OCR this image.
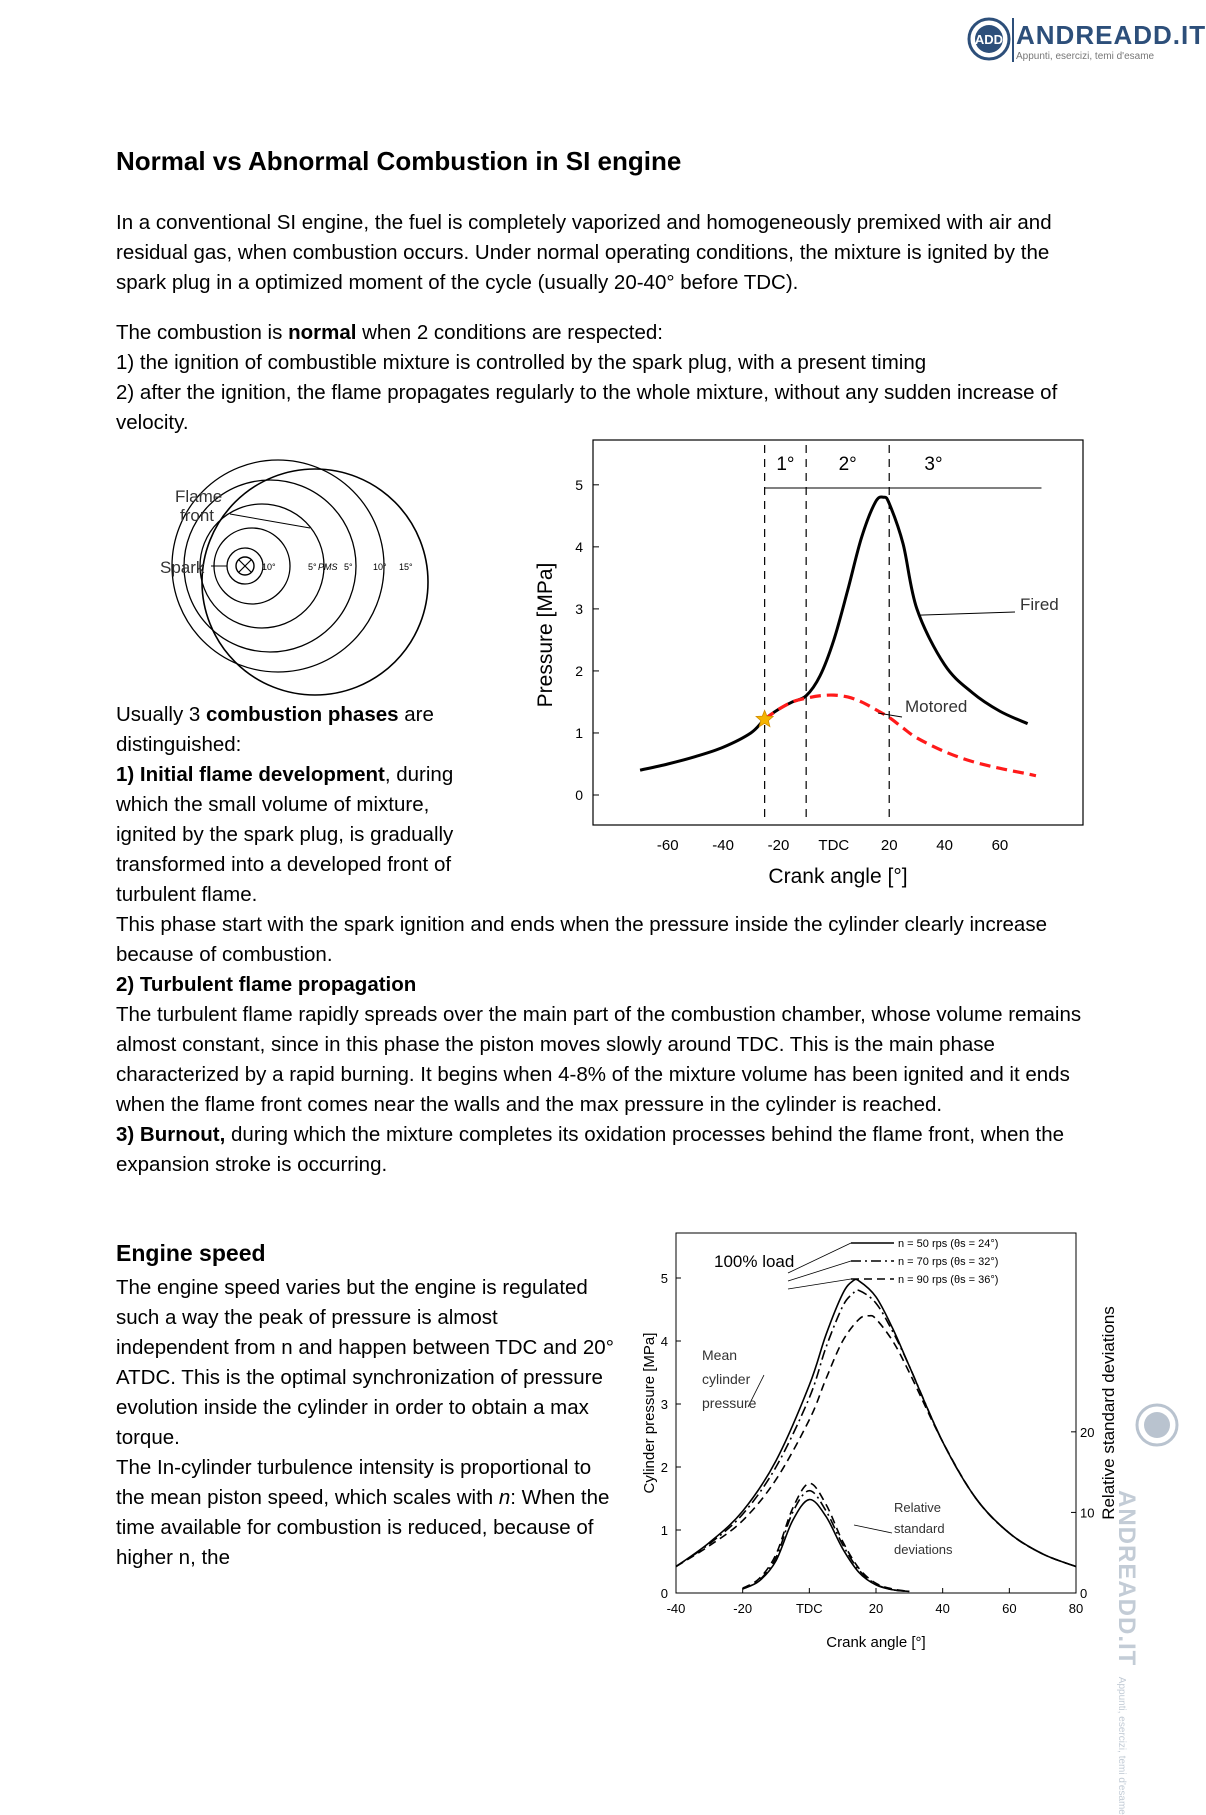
ADD ANDREADD.IT
Appunti, esercizi, temi d'esame
Normal vs Abnormal Combustion in SI engine

In a conventional SI engine, the fuel is completely vaporized and homogeneously premixed with air and residual gas, when combustion occurs. Under normal operating conditions, the mixture is ignited by the spark plug in a optimized moment of the cycle (usually 20-40° before TDC).

The combustion is normal when 2 conditions are respected:

1) the ignition of combustible mixture is controlled by the spark plug, with a present timing

2) after the ignition, the flame propagates regularly to the whole mixture, without any sudden increase of velocity.

10°	5° PMS 5° 10° 15°
Flame
front
Spark
1° 2°	3°
-60 -40 -20 TDC 20	40	60
0
1
2
3
4
5
Pressure [MPa]
Crank angle [°]
Fired
Motored

Usually 3 combustion phases are distinguished:

1) Initial flame development, during which the small volume of mixture, ignited by the spark plug, is gradually transformed into a developed front of turbulent flame.

This phase start with the spark ignition and ends when the pressure inside the cylinder clearly increase because of combustion.

2) Turbulent flame propagation

The turbulent flame rapidly spreads over the main part of the combustion chamber, whose volume remains almost constant, since in this phase the piston moves slowly around TDC. This is the main phase characterized by a rapid burning. It begins when 4-8% of the mixture volume has been ignited and it ends when the flame front comes near the walls and the max pressure in the cylinder is reached.

3) Burnout, during which the mixture completes its oxidation processes behind the flame front, when the expansion stroke is occurring.

Engine speed

The engine speed varies but the engine is regulated such a way the peak of pressure is almost independent from n and happen between TDC and 20° ATDC. This is the optimal synchronization of pressure evolution inside the cylinder in order to obtain a max torque.

The In-cylinder turbulence intensity is proportional to the mean piston speed, which scales with n: When the time available for combustion is reduced, because of higher n, the

-40	-20	TDC	20	40	60	80
0
1
2
3
4
5
0
10
20
100% load
Mean cylinder pressure
Relative standard deviations
Cylinder pressure [MPa]	Relative standard deviations
Crank angle [°]
n = 50 rps (θs = 24°)
n = 70 rps (θs = 32°)
n = 90 rps (θs = 36°)
ANDREADD.IT Appunti, esercizi, temi d'esame
